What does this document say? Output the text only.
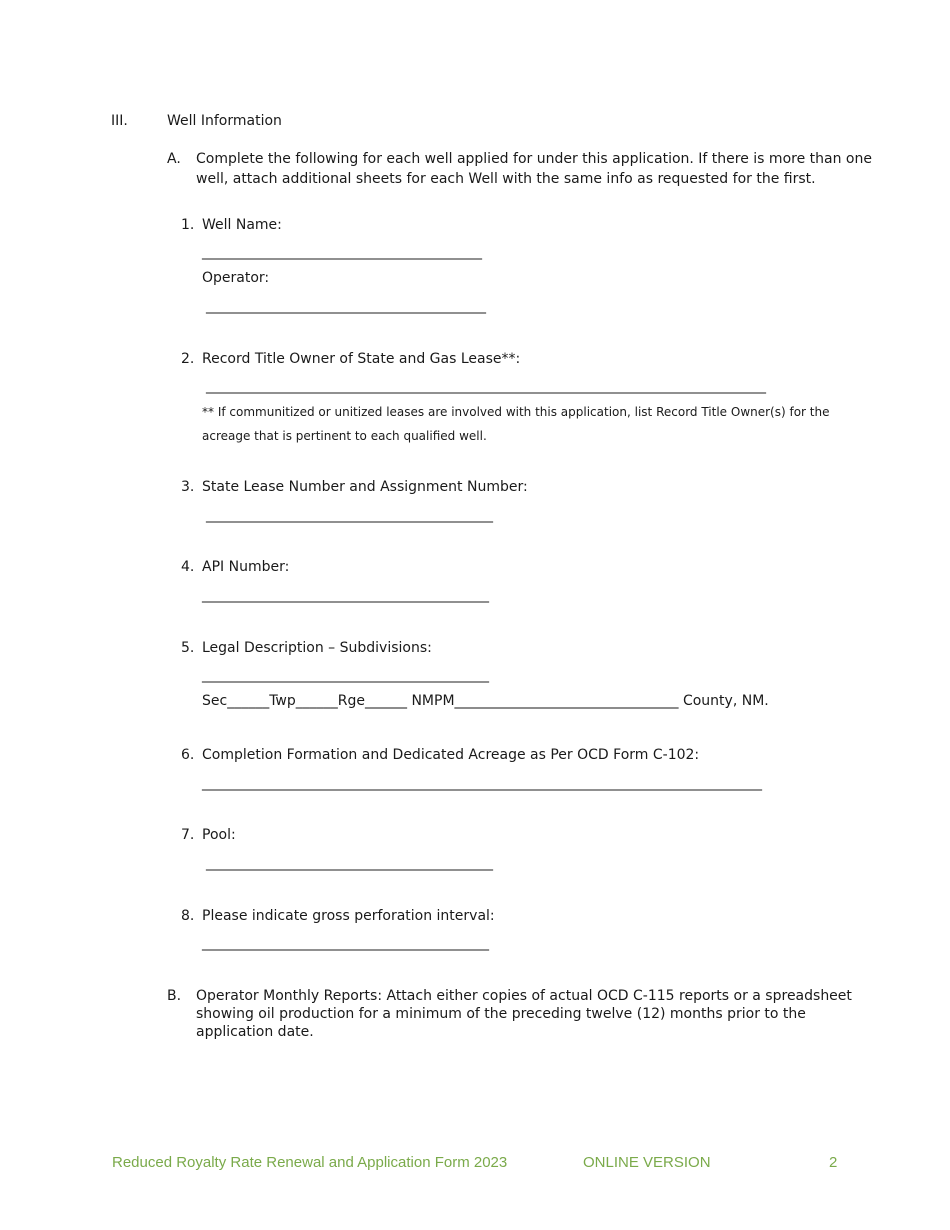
III.	Well Information
A. Complete the following for each well applied for under this application. If there is more than one
well, attach additional sheets for each Well with the same info as requested for the first.
1. Well Name:
________________________________________
Operator:
________________________________________
2. Record Title Owner of State and Gas Lease**:
________________________________________________________________________________
** If communitized or unitized leases are involved with this application, list Record Title Owner(s) for the
acreage that is pertinent to each qualified well.
3. State Lease Number and Assignment Number:
_________________________________________
4. API Number:
_________________________________________
5. Legal Description – Subdivisions:
_________________________________________
Sec______Twp______Rge______ NMPM________________________________ County, NM.
6. Completion Formation and Dedicated Acreage as Per OCD Form C-102:
________________________________________________________________________________
7. Pool:
_________________________________________
8. Please indicate gross perforation interval:
_________________________________________
B. Operator Monthly Reports: Attach either copies of actual OCD C-115 reports or a spreadsheet
showing oil production for a minimum of the preceding twelve (12) months prior to the
application date.
Reduced Royalty Rate Renewal and Application Form 2023	ONLINE VERSION	2
